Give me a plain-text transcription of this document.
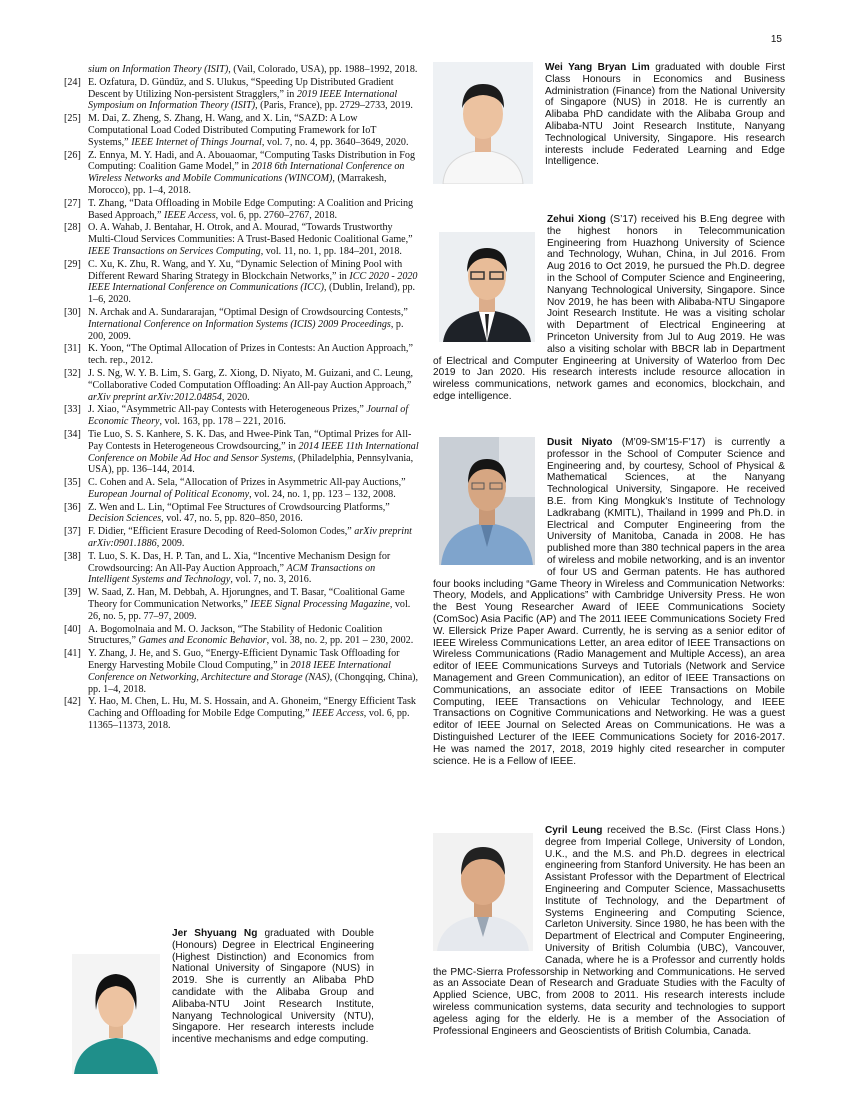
15

sium on Information Theory (ISIT), (Vail, Colorado, USA), pp. 1988–1992, 2018.

[24] E. Ozfatura, D. Gündüz, and S. Ulukus, “Speeding Up Distributed Gradient Descent by Utilizing Non-persistent Stragglers,” in 2019 IEEE International Symposium on Information Theory (ISIT), (Paris, France), pp. 2729–2733, 2019.

[25] M. Dai, Z. Zheng, S. Zhang, H. Wang, and X. Lin, “SAZD: A Low Computational Load Coded Distributed Computing Framework for IoT Systems,” IEEE Internet of Things Journal, vol. 7, no. 4, pp. 3640–3649, 2020.

[26] Z. Ennya, M. Y. Hadi, and A. Abouaomar, “Computing Tasks Distribution in Fog Computing: Coalition Game Model,” in 2018 6th International Conference on Wireless Networks and Mobile Communications (WINCOM), (Marrakesh, Morocco), pp. 1–4, 2018.

[27] T. Zhang, “Data Offloading in Mobile Edge Computing: A Coalition and Pricing Based Approach,” IEEE Access, vol. 6, pp. 2760–2767, 2018.

[28] O. A. Wahab, J. Bentahar, H. Otrok, and A. Mourad, “Towards Trustworthy Multi-Cloud Services Communities: A Trust-Based Hedonic Coalitional Game,” IEEE Transactions on Services Computing, vol. 11, no. 1, pp. 184–201, 2018.

[29] C. Xu, K. Zhu, R. Wang, and Y. Xu, “Dynamic Selection of Mining Pool with Different Reward Sharing Strategy in Blockchain Networks,” in ICC 2020 - 2020 IEEE International Conference on Communications (ICC), (Dublin, Ireland), pp. 1–6, 2020.

[30] N. Archak and A. Sundararajan, “Optimal Design of Crowdsourcing Contests,” International Conference on Information Systems (ICIS) 2009 Proceedings, p. 200, 2009.

[31] K. Yoon, “The Optimal Allocation of Prizes in Contests: An Auction Approach,” tech. rep., 2012.

[32] J. S. Ng, W. Y. B. Lim, S. Garg, Z. Xiong, D. Niyato, M. Guizani, and C. Leung, “Collaborative Coded Computation Offloading: An All-pay Auction Approach,” arXiv preprint arXiv:2012.04854, 2020.

[33] J. Xiao, “Asymmetric All-pay Contests with Heterogeneous Prizes,” Journal of Economic Theory, vol. 163, pp. 178 – 221, 2016.

[34] Tie Luo, S. S. Kanhere, S. K. Das, and Hwee-Pink Tan, “Optimal Prizes for All-Pay Contests in Heterogeneous Crowdsourcing,” in 2014 IEEE 11th International Conference on Mobile Ad Hoc and Sensor Systems, (Philadelphia, Pennsylvania, USA), pp. 136–144, 2014.

[35] C. Cohen and A. Sela, “Allocation of Prizes in Asymmetric All-pay Auctions,” European Journal of Political Economy, vol. 24, no. 1, pp. 123 – 132, 2008.

[36] Z. Wen and L. Lin, “Optimal Fee Structures of Crowdsourcing Platforms,” Decision Sciences, vol. 47, no. 5, pp. 820–850, 2016.

[37] F. Didier, “Efficient Erasure Decoding of Reed-Solomon Codes,” arXiv preprint arXiv:0901.1886, 2009.

[38] T. Luo, S. K. Das, H. P. Tan, and L. Xia, “Incentive Mechanism Design for Crowdsourcing: An All-Pay Auction Approach,” ACM Transactions on Intelligent Systems and Technology, vol. 7, no. 3, 2016.

[39] W. Saad, Z. Han, M. Debbah, A. Hjorungnes, and T. Basar, “Coalitional Game Theory for Communication Networks,” IEEE Signal Processing Magazine, vol. 26, no. 5, pp. 77–97, 2009.

[40] A. Bogomolnaia and M. O. Jackson, “The Stability of Hedonic Coalition Structures,” Games and Economic Behavior, vol. 38, no. 2, pp. 201 – 230, 2002.

[41] Y. Zhang, J. He, and S. Guo, “Energy-Efficient Dynamic Task Offloading for Energy Harvesting Mobile Cloud Computing,” in 2018 IEEE International Conference on Networking, Architecture and Storage (NAS), (Chongqing, China), pp. 1–4, 2018.

[42] Y. Hao, M. Chen, L. Hu, M. S. Hossain, and A. Ghoneim, “Energy Efficient Task Caching and Offloading for Mobile Edge Computing,” IEEE Access, vol. 6, pp. 11365–11373, 2018.

Wei Yang Bryan Lim graduated with double First Class Honours in Economics and Business Administration (Finance) from the National University of Singapore (NUS) in 2018. He is currently an Alibaba PhD candidate with the Alibaba Group and Alibaba-NTU Joint Research Institute, Nanyang Technological University, Singapore. His research interests include Federated Learning and Edge Intelligence.
Zehui Xiong (S’17) received his B.Eng degree with the highest honors in Telecommunication Engineering from Huazhong University of Science and Technology, Wuhan, China, in Jul 2016. From Aug 2016 to Oct 2019, he pursued the Ph.D. degree in the School of Computer Science and Engineering, Nanyang Technological University, Singapore. Since Nov 2019, he has been with Alibaba-NTU Singapore Joint Research Institute. He was a visiting scholar with Department of Electrical Engineering at Princeton University from Jul to Aug 2019. He was also a visiting scholar with BBCR lab in Department of Electrical and Computer Engineering at University of Waterloo from Dec 2019 to Jan 2020. His research interests include resource allocation in wireless communications, network games and economics, blockchain, and edge intelligence.
Dusit Niyato (M’09-SM’15-F’17) is currently a professor in the School of Computer Science and Engineering and, by courtesy, School of Physical & Mathematical Sciences, at the Nanyang Technological University, Singapore. He received B.E. from King Mongkuk’s Institute of Technology Ladkrabang (KMITL), Thailand in 1999 and Ph.D. in Electrical and Computer Engineering from the University of Manitoba, Canada in 2008. He has published more than 380 technical papers in the area of wireless and mobile networking, and is an inventor of four US and German patents. He has authored four books including “Game Theory in Wireless and Communication Networks: Theory, Models, and Applications” with Cambridge University Press. He won the Best Young Researcher Award of IEEE Communications Society (ComSoc) Asia Pacific (AP) and The 2011 IEEE Communications Society Fred W. Ellersick Prize Paper Award. Currently, he is serving as a senior editor of IEEE Wireless Communications Letter, an area editor of IEEE Transactions on Wireless Communications (Radio Management and Multiple Access), an area editor of IEEE Communications Surveys and Tutorials (Network and Service Management and Green Communication), an editor of IEEE Transactions on Communications, an associate editor of IEEE Transactions on Mobile Computing, IEEE Transactions on Vehicular Technology, and IEEE Transactions on Cognitive Communications and Networking. He was a guest editor of IEEE Journal on Selected Areas on Communications. He was a Distinguished Lecturer of the IEEE Communications Society for 2016-2017. He was named the 2017, 2018, 2019 highly cited researcher in computer science. He is a Fellow of IEEE.
Cyril Leung received the B.Sc. (First Class Hons.) degree from Imperial College, University of London, U.K., and the M.S. and Ph.D. degrees in electrical engineering from Stanford University. He has been an Assistant Professor with the Department of Electrical Engineering and Computer Science, Massachusetts Institute of Technology, and the Department of Systems Engineering and Computing Science, Carleton University. Since 1980, he has been with the Department of Electrical and Computer Engineering, University of British Columbia (UBC), Vancouver, Canada, where he is a Professor and currently holds the PMC-Sierra Professorship in Networking and Communications. He served as an Associate Dean of Research and Graduate Studies with the Faculty of Applied Science, UBC, from 2008 to 2011. His research interests include wireless communication systems, data security and technologies to support ageless aging for the elderly. He is a member of the Association of Professional Engineers and Geoscientists of British Columbia, Canada.
Jer Shyuang Ng graduated with Double (Honours) Degree in Electrical Engineering (Highest Distinction) and Economics from National University of Singapore (NUS) in 2019. She is currently an Alibaba PhD candidate with the Alibaba Group and Alibaba-NTU Joint Research Institute, Nanyang Technological University (NTU), Singapore. Her research interests include incentive mechanisms and edge computing.
